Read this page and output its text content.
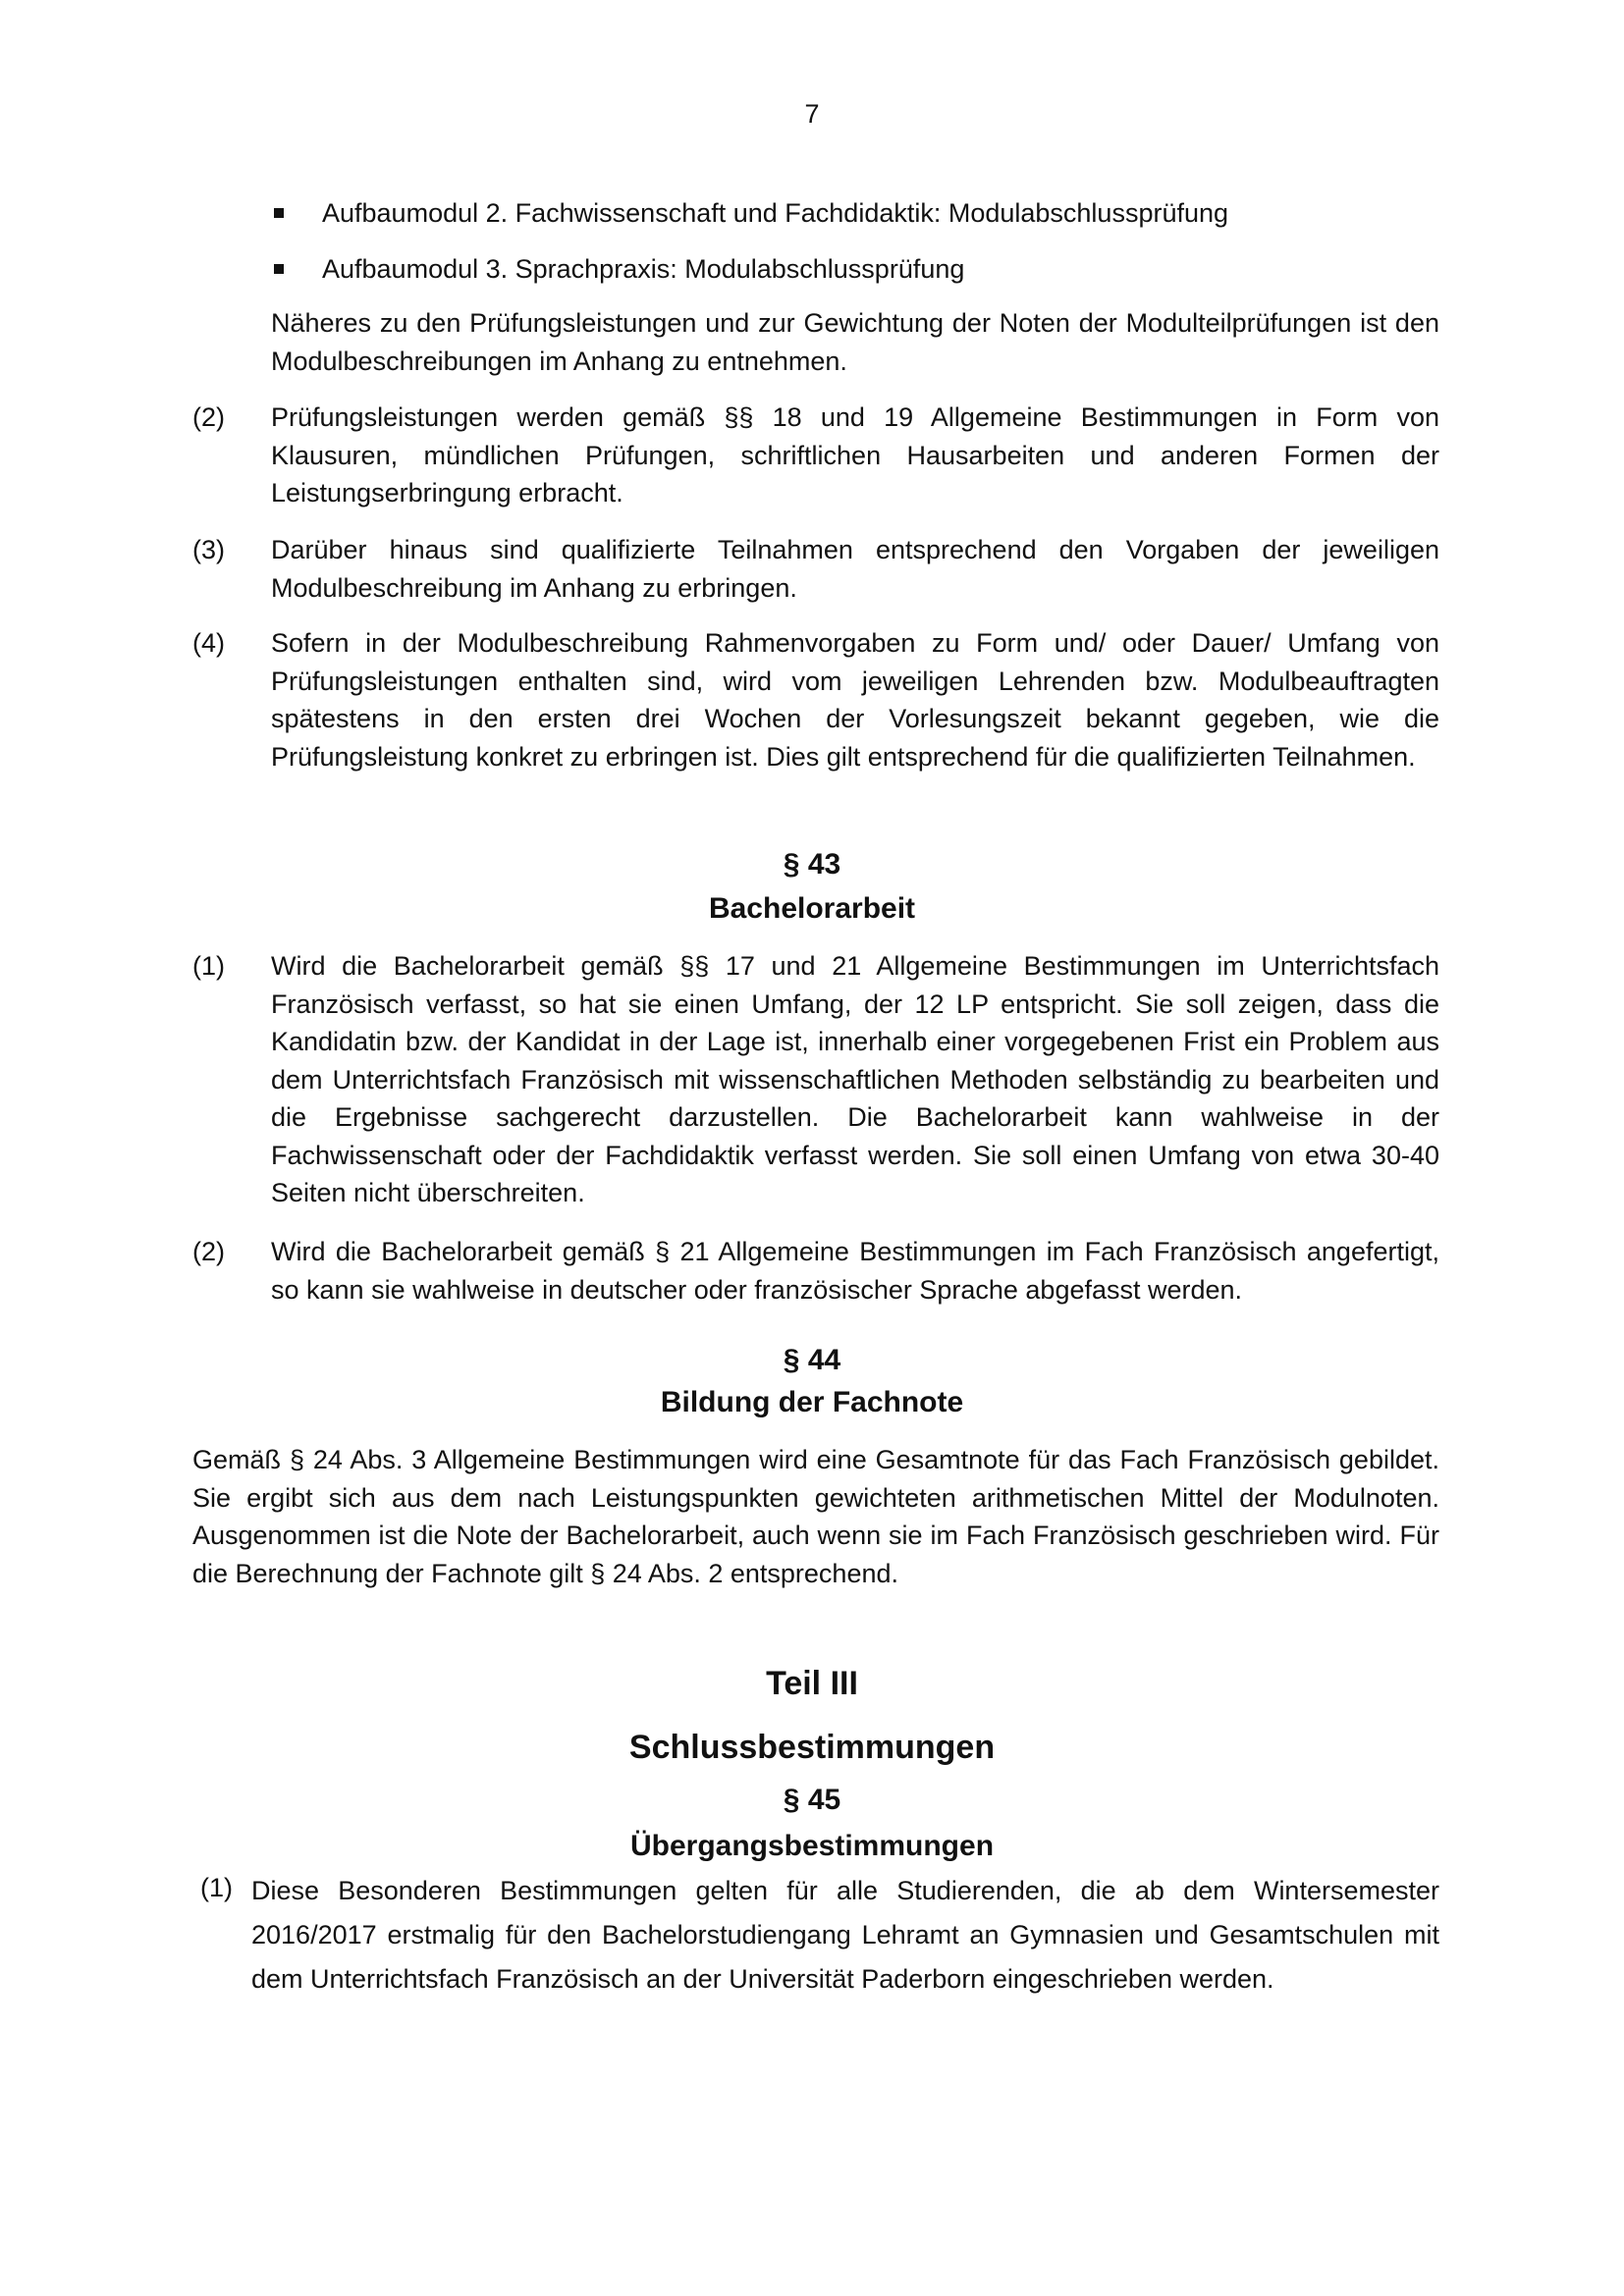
7
Aufbaumodul 2. Fachwissenschaft und Fachdidaktik: Modulabschlussprüfung
Aufbaumodul 3. Sprachpraxis: Modulabschlussprüfung
Näheres zu den Prüfungsleistungen und zur Gewichtung der Noten der Modulteilprüfungen ist den Modulbeschreibungen im Anhang zu entnehmen.
(2)	Prüfungsleistungen werden gemäß §§ 18 und 19 Allgemeine Bestimmungen in Form von Klausuren, mündlichen Prüfungen, schriftlichen Hausarbeiten und anderen Formen der Leistungserbringung erbracht.
(3)	Darüber hinaus sind qualifizierte Teilnahmen entsprechend den Vorgaben der jeweiligen Modulbeschreibung im Anhang zu erbringen.
(4)	Sofern in der Modulbeschreibung Rahmenvorgaben zu Form und/ oder Dauer/ Umfang von Prüfungsleistungen enthalten sind, wird vom jeweiligen Lehrenden bzw. Modulbeauftragten spätestens in den ersten drei Wochen der Vorlesungszeit bekannt gegeben, wie die Prüfungsleistung konkret zu erbringen ist. Dies gilt entsprechend für die qualifizierten Teilnahmen.
§ 43
Bachelorarbeit
(1)	Wird die Bachelorarbeit gemäß §§ 17 und 21 Allgemeine Bestimmungen im Unterrichtsfach Französisch verfasst, so hat sie einen Umfang, der 12 LP entspricht. Sie soll zeigen, dass die Kandidatin bzw. der Kandidat in der Lage ist, innerhalb einer vorgegebenen Frist ein Problem aus dem Unterrichtsfach Französisch mit wissenschaftlichen Methoden selbständig zu bearbeiten und die Ergebnisse sachgerecht darzustellen. Die Bachelorarbeit kann wahlweise in der Fachwissenschaft oder der Fachdidaktik verfasst werden. Sie soll einen Umfang von etwa 30-40 Seiten nicht überschreiten.
(2)	Wird die Bachelorarbeit gemäß § 21 Allgemeine Bestimmungen im Fach Französisch angefertigt, so kann sie wahlweise in deutscher oder französischer Sprache abgefasst werden.
§ 44
Bildung der Fachnote
Gemäß § 24 Abs. 3 Allgemeine Bestimmungen wird eine Gesamtnote für das Fach Französisch gebildet. Sie ergibt sich aus dem nach Leistungspunkten gewichteten arithmetischen Mittel der Modulnoten. Ausgenommen ist die Note der Bachelorarbeit, auch wenn sie im Fach Französisch geschrieben wird. Für die Berechnung der Fachnote gilt § 24 Abs. 2 entsprechend.
Teil III
Schlussbestimmungen
§ 45
Übergangsbestimmungen
(1) Diese Besonderen Bestimmungen gelten für alle Studierenden, die ab dem Wintersemester 2016/2017 erstmalig für den Bachelorstudiengang Lehramt an Gymnasien und Gesamtschulen mit dem Unterrichtsfach Französisch an der Universität Paderborn eingeschrieben werden.
